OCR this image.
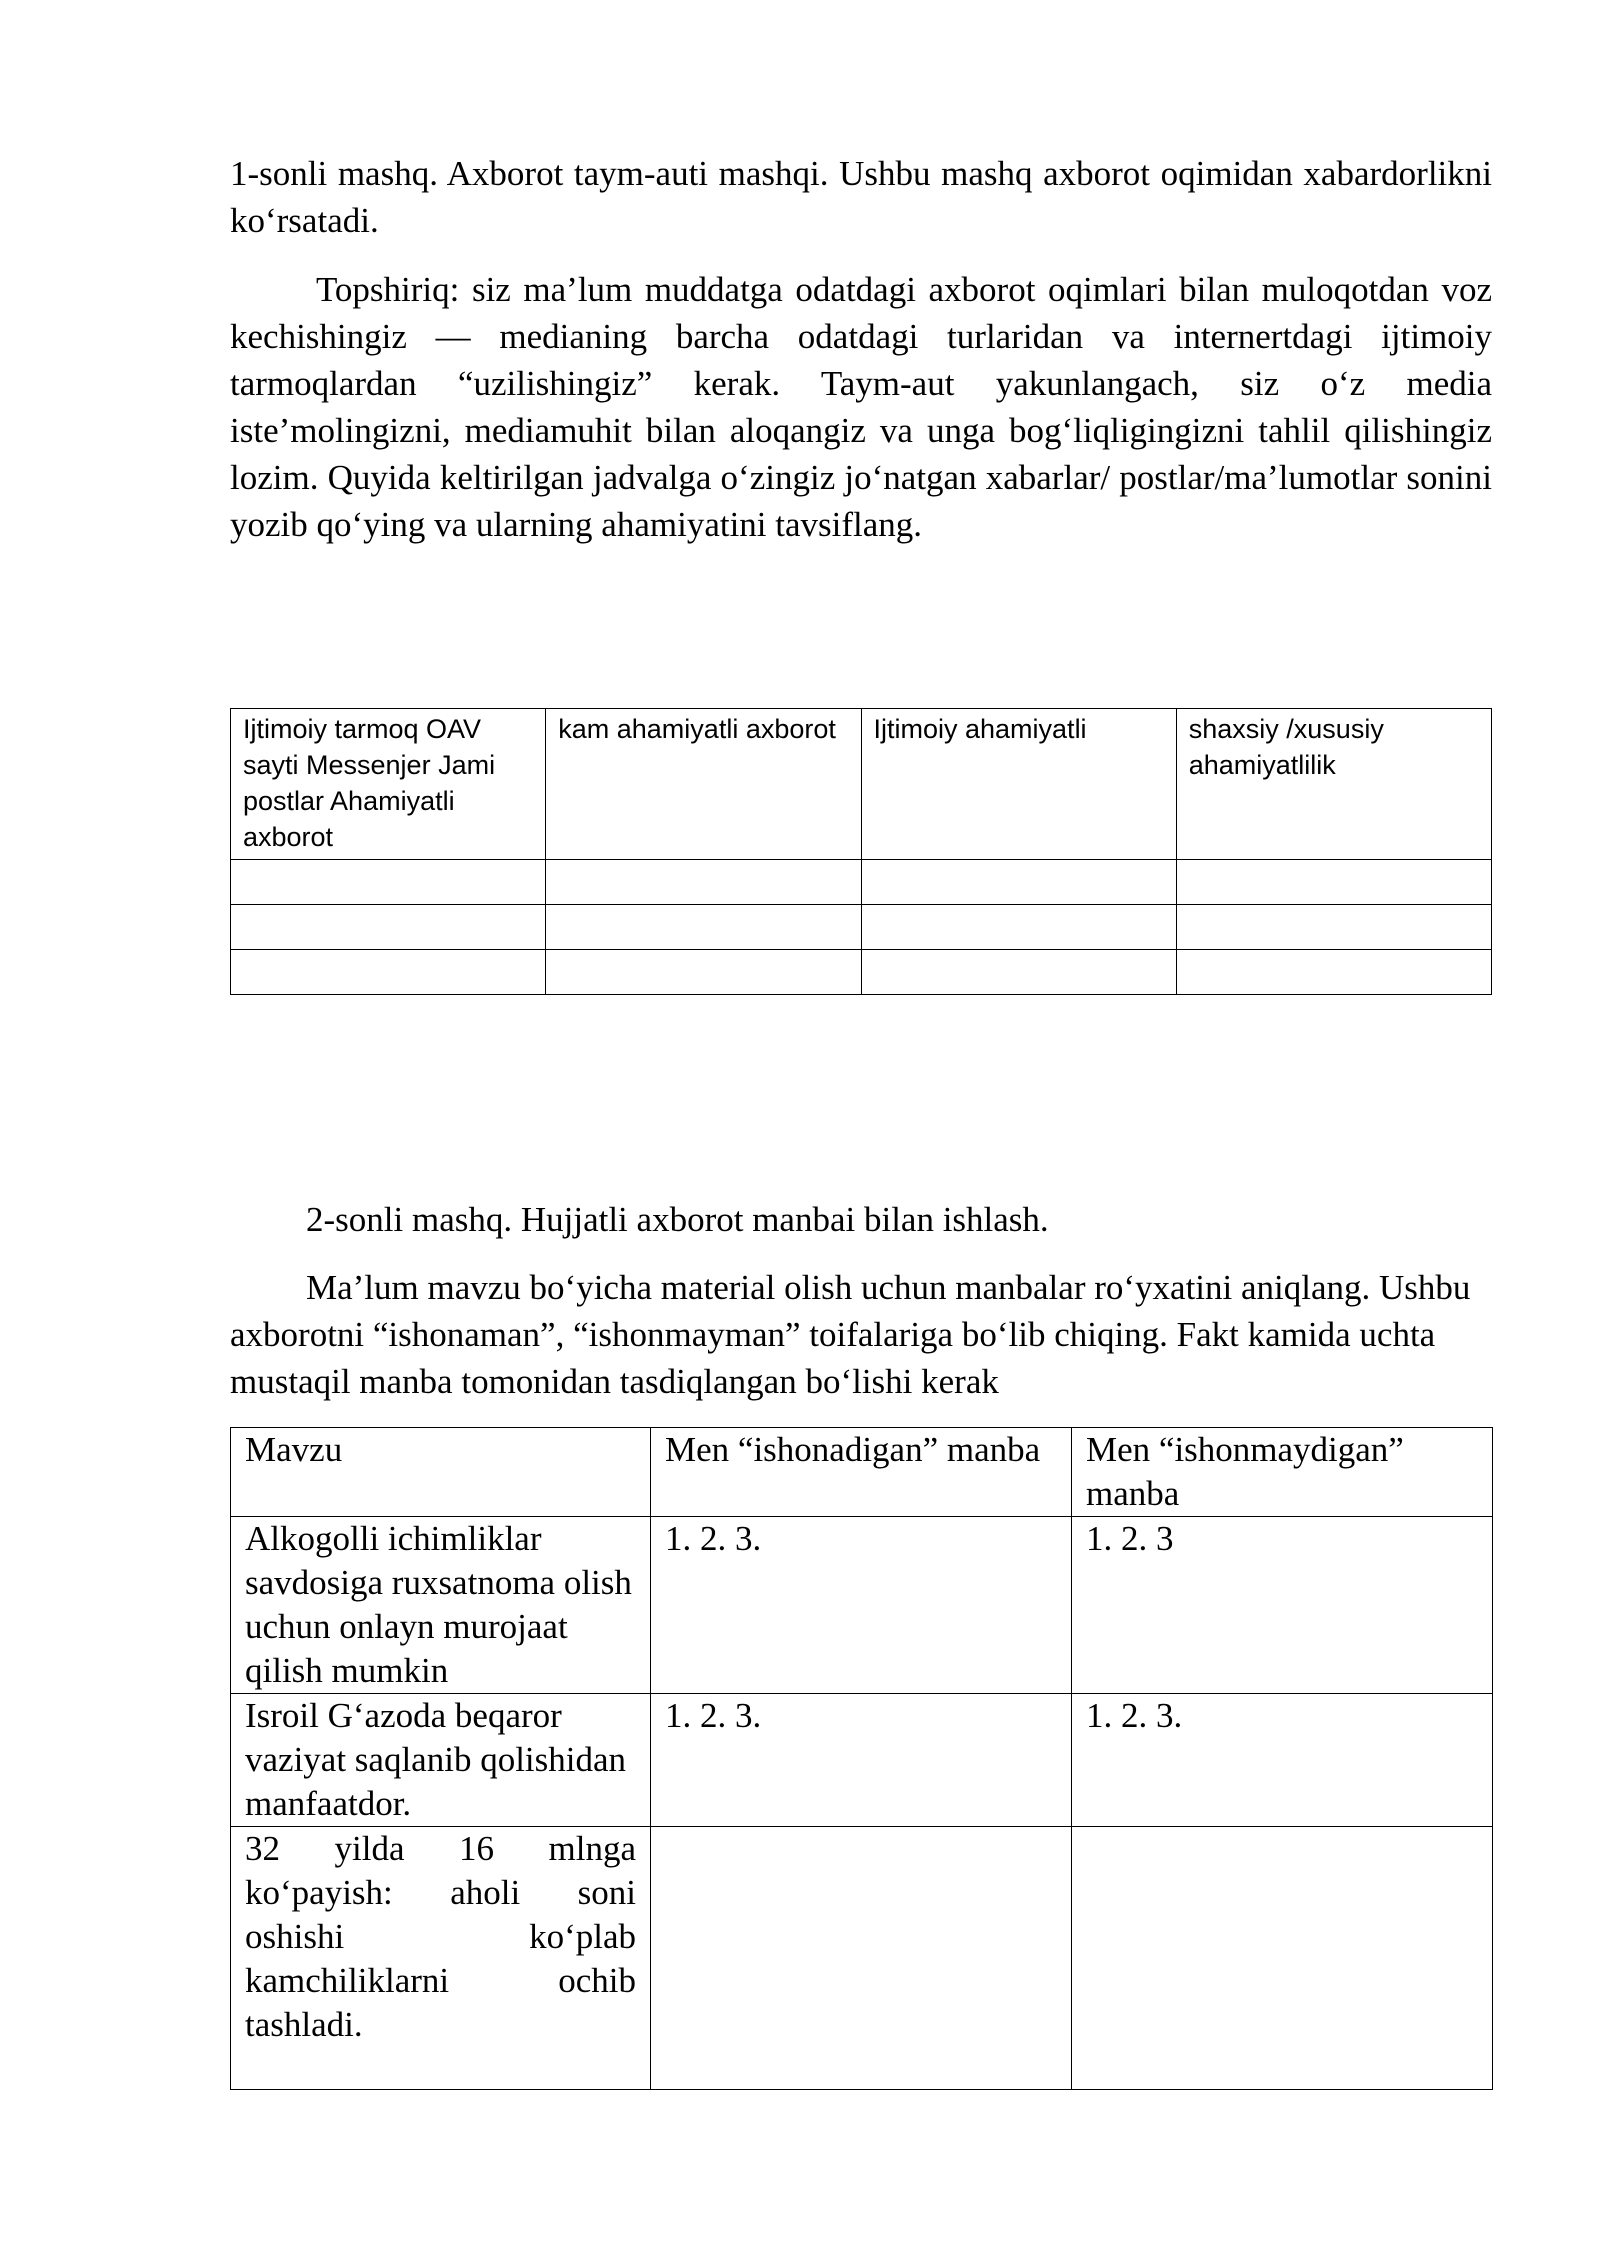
1-sonli mashq. Axborot taym-auti mashqi. Ushbu mashq axborot oqimidan xabardorlikni ko‘rsatadi.

Topshiriq: siz ma’lum muddatga odatdagi axborot oqimlari bilan muloqotdan voz kechishingiz — medianing barcha odatdagi turlaridan va internertdagi ijtimoiy tarmoqlardan “uzilishingiz” kerak. Taym-aut yakunlangach, siz o‘z media iste’molingizni, mediamuhit bilan aloqangiz va unga bog‘liqligingizni tahlil qilishingiz lozim. Quyida keltirilgan jadvalga o‘zingiz jo‘natgan xabarlar/ postlar/ma’lumotlar sonini yozib qo‘ying va ularning ahamiyatini tavsiflang.

Ijtimoiy tarmoq OAV sayti Messenjer Jami postlar Ahamiyatli axborot	kam ahamiyatli axborot	Ijtimoiy ahamiyatli	shaxsiy /xususiy ahamiyatlilik

2-sonli mashq. Hujjatli axborot manbai bilan ishlash.

Ma’lum mavzu bo‘yicha material olish uchun manbalar ro‘yxatini aniqlang. Ushbu axborotni “ishonaman”, “ishonmayman” toifalariga bo‘lib chiqing. Fakt kamida uchta mustaqil manba tomonidan tasdiqlangan bo‘lishi kerak

Mavzu	Men “ishonadigan” manba	Men “ishonmaydigan” manba
Alkogolli ichimliklar savdosiga ruxsatnoma olish uchun onlayn murojaat qilish mumkin	1. 2. 3.	1. 2. 3
Isroil G‘azoda beqaror vaziyat saqlanib qolishidan manfaatdor.	1. 2. 3.	1. 2. 3.
32 yilda 16 mlnga ko‘payish: aholi soni oshishi ko‘plab kamchiliklarni ochib tashladi.		
